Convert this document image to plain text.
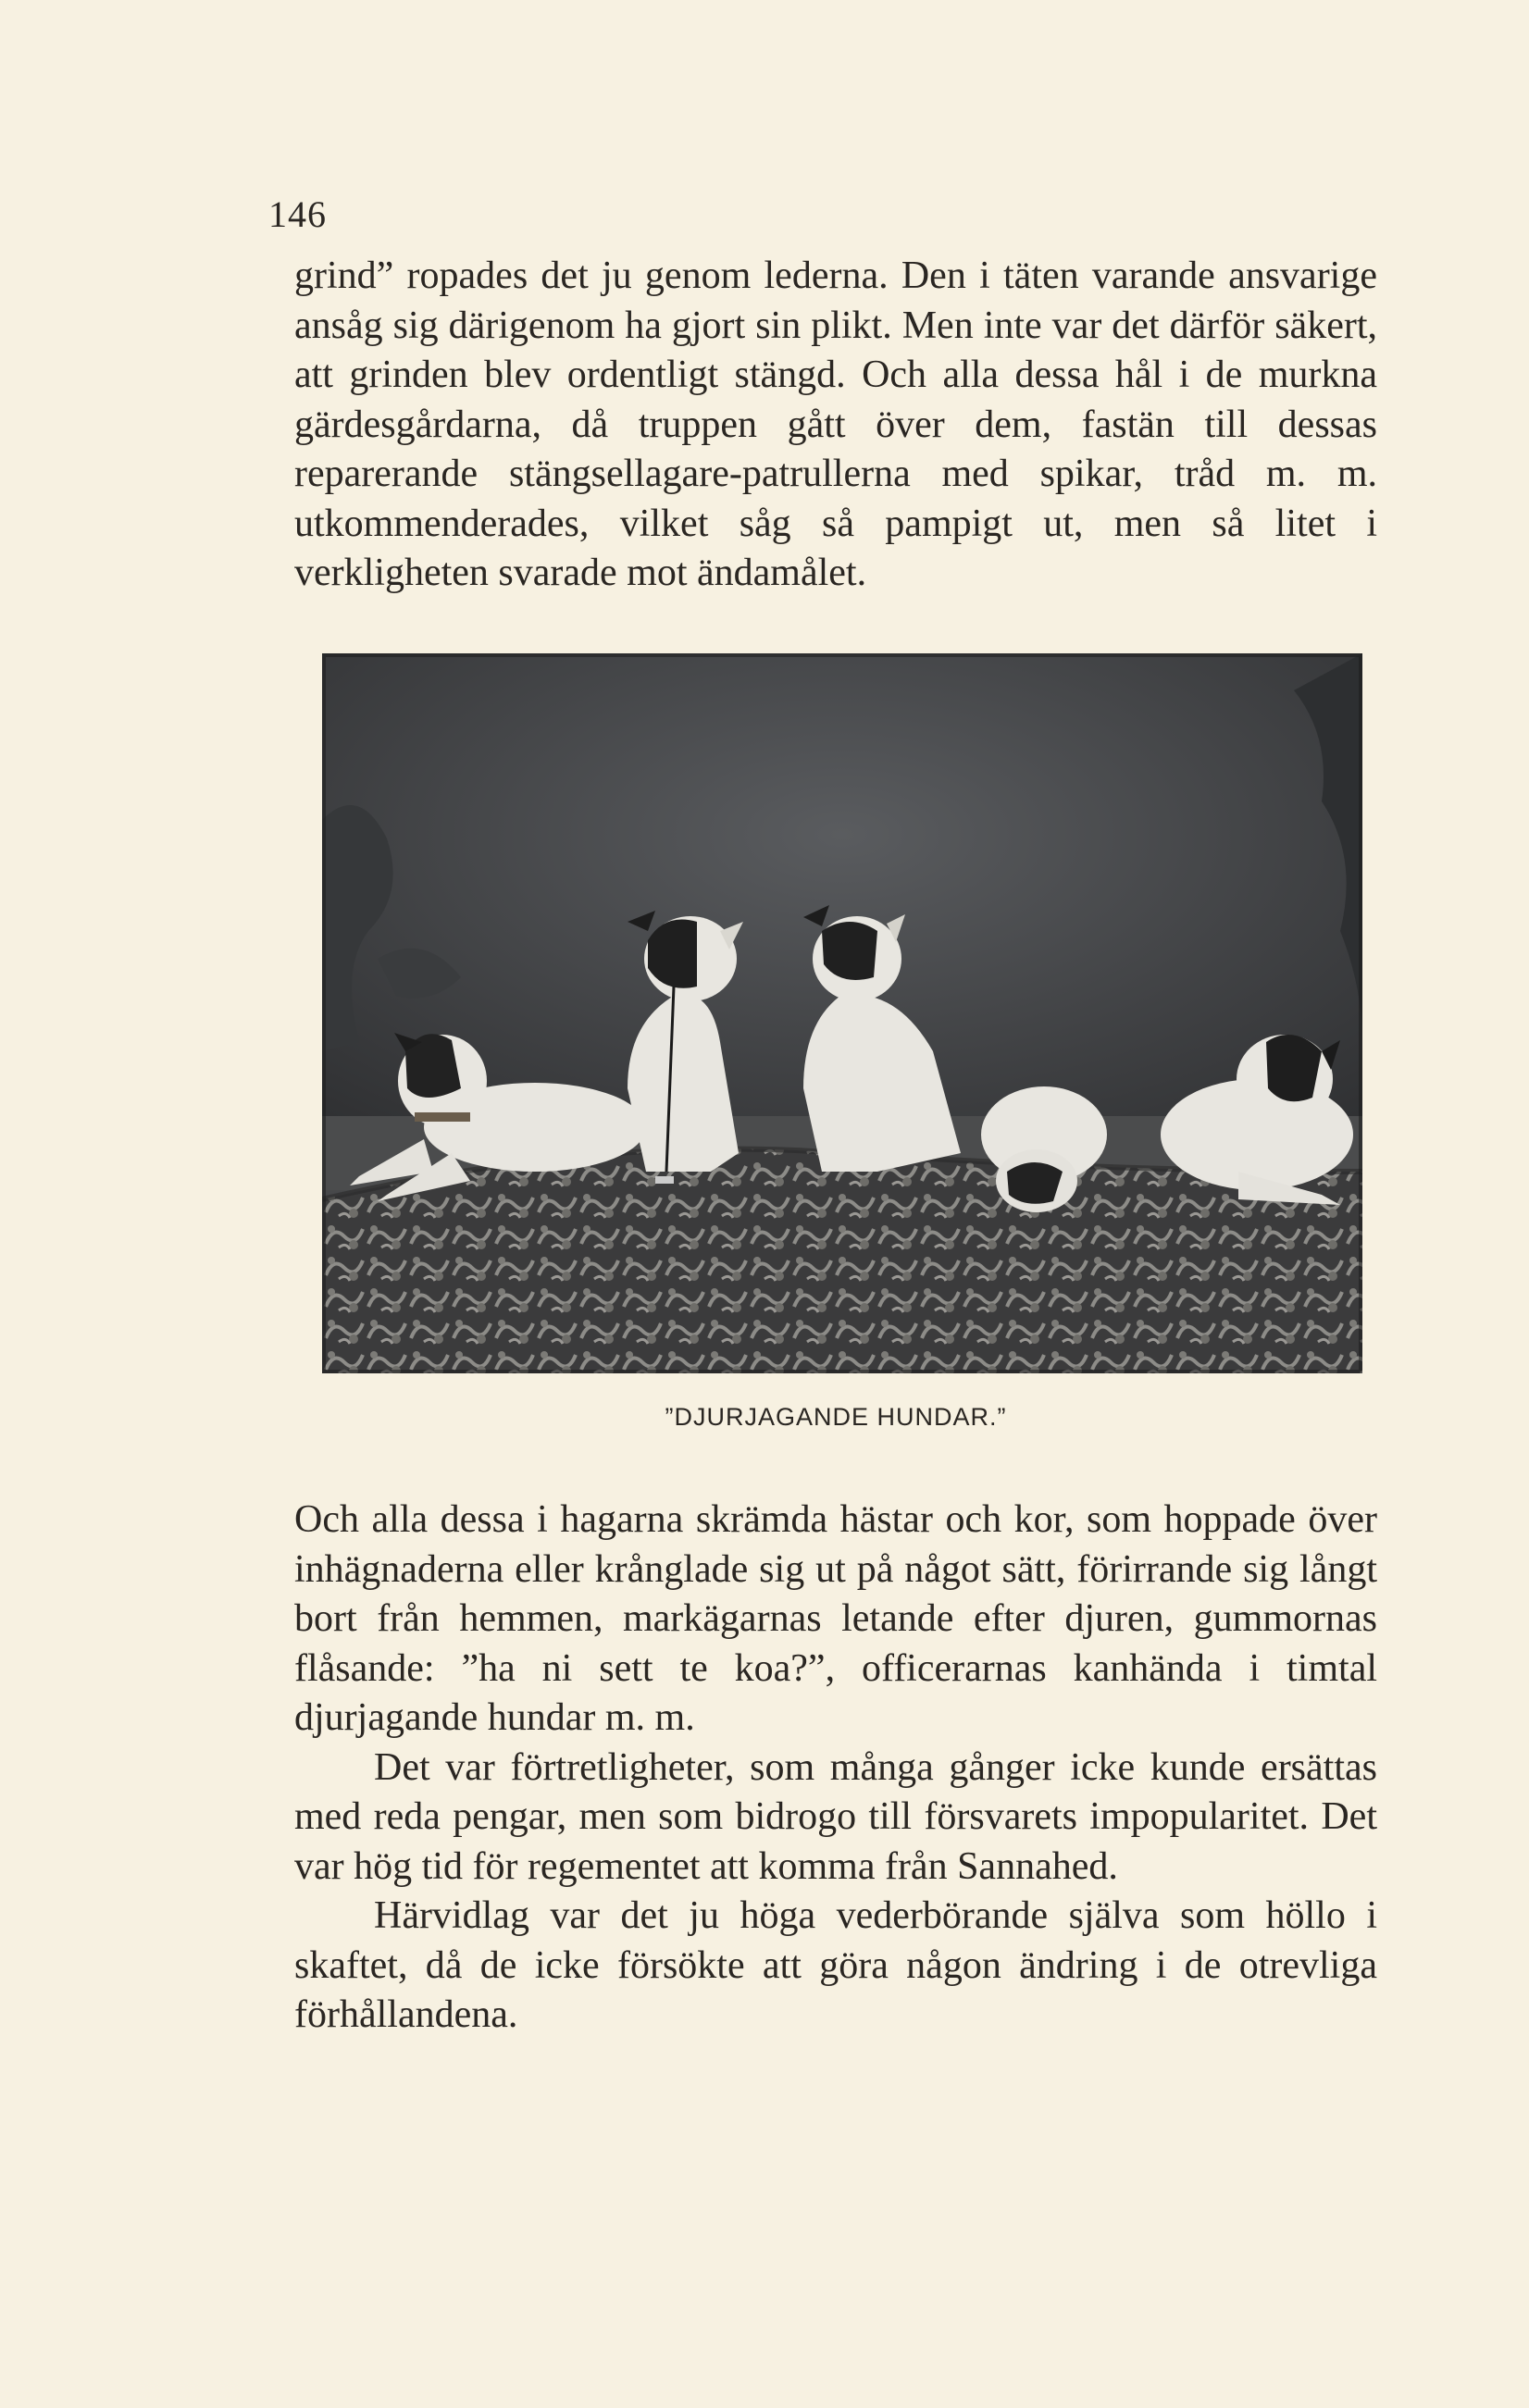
146

grind” ropades det ju genom lederna. Den i täten varande ansvarige ansåg sig därigenom ha gjort sin plikt. Men inte var det därför säkert, att grinden blev ordentligt stängd. Och alla dessa hål i de murkna gärdesgårdarna, då truppen gått över dem, fastän till dessas reparerande stängsellagare-patrullerna med spikar, tråd m. m. utkommenderades, vilket såg så pampigt ut, men så litet i verkligheten svarade mot ändamålet.

”DJURJAGANDE HUNDAR.”

Och alla dessa i hagarna skrämda hästar och kor, som hoppade över inhägnaderna eller krånglade sig ut på något sätt, förirrande sig långt bort från hemmen, markägarnas letande efter djuren, gummornas flåsande: ”ha ni sett te koa?”, officerarnas kanhända i timtal djurjagande hundar m. m.

Det var förtretligheter, som många gånger icke kunde ersättas med reda pengar, men som bidrogo till försvarets impopularitet. Det var hög tid för regementet att komma från Sannahed.

Härvidlag var det ju höga vederbörande själva som höllo i skaftet, då de icke försökte att göra någon ändring i de otrevliga förhållandena.
